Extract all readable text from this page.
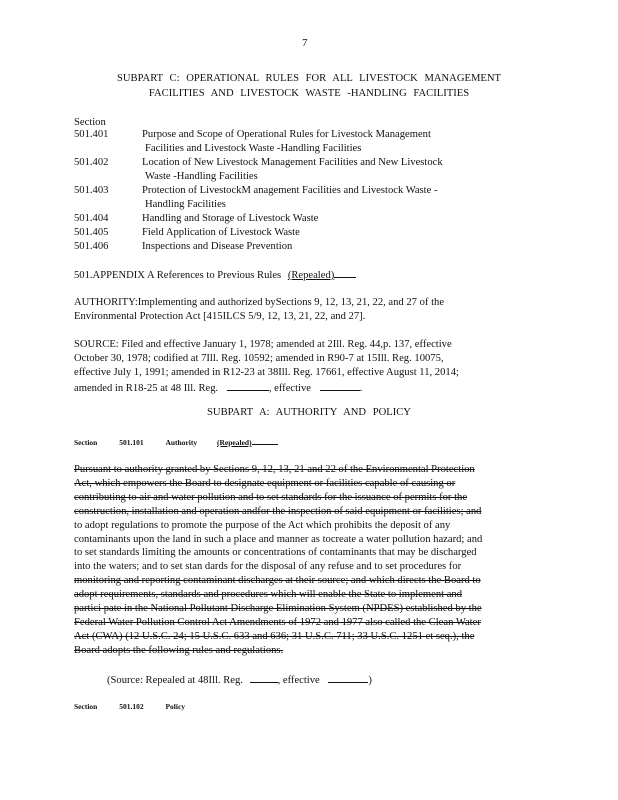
7
SUBPART C: OPERATIONAL RULES FOR ALL LIVESTOCK MANAGEMENT
FACILITIES AND LIVESTOCK WASTE -HANDLING FACILITIES
Section
501.401	Purpose and Scope of Operational Rules for Livestock Management
Facilities and Livestock Waste -Handling Facilities
501.402	Location of New Livestock Management Facilities and New Livestock
Waste -Handling Facilities
501.403	Protection of LivestockM anagement Facilities and Livestock Waste -
Handling Facilities
501.404	Handling and Storage of Livestock Waste
501.405	Field Application of Livestock Waste
501.406	Inspections and Disease Prevention
501.APPENDIX A References to Previous Rules (Repealed)
AUTHORITY:Implementing and authorized bySections 9, 12, 13, 21, 22, and 27 of the
Environmental Protection Act [415ILCS 5/9, 12, 13, 21, 22, and 27].
SOURCE: Filed and effective January 1, 1978; amended at 2Ill. Reg. 44,p. 137, effective
October 30, 1978; codified at 7Ill. Reg. 10592; amended in R90-7 at 15Ill. Reg. 10075,
effective July 1, 1991; amended in R12-23 at 38Ill. Reg. 17661, effective August 11, 2014;
amended in R18-25 at 48 Ill. Reg.	, effective	.
SUBPART A: AUTHORITY AND POLICY
Section	501.101	Authority	(Repealed)
Pursuant to authority granted by Sections 9, 12, 13, 21 and 22 of the Environmental Protection
Act, which empowers the Board to designate equipment or facilities capable of causing or
contributing to air and water pollution and to set standards for the issuance of permits for the
construction, installation and operation andfor the inspection of said equipment or facilities; and
to adopt regulations to promote the purpose of the Act which prohibits the deposit of any
contaminants upon the land in such a place and manner as tocreate a water pollution hazard; and
to set standards limiting the amounts or concentrations of contaminants that may be discharged
into the waters; and to set stan dards for the disposal of any refuse and to set procedures for
monitoring and reporting contaminant discharges at their source; and which directs the Board to
adopt requirements, standards and procedures which will enable the State to implement and
partici pate in the National Pollutant Discharge Elimination System (NPDES) established by the
Federal Water Pollution Control Act Amendments of 1972 and 1977 also called the Clean Water
Act (CWA) (12 U.S.C. 24; 15 U.S.C. 633 and 636; 31 U.S.C. 711; 33 U.S.C. 1251 et seq.), the
Board adopts the following rules and regulations.
(Source: Repealed at 48Ill. Reg.	, effective	)
Section	501.102	Policy
